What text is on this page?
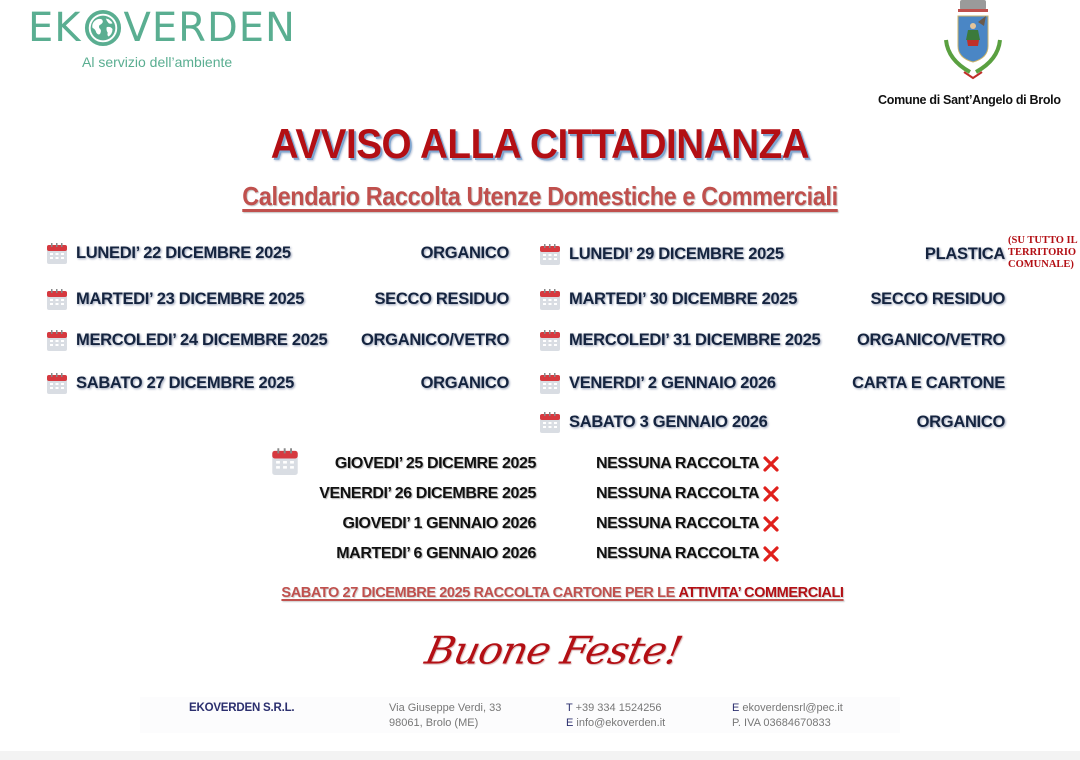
EK VERDEN
Al servizio dell’ambiente
Comune di Sant’Angelo di Brolo
AVVISO ALLA CITTADINANZA
Calendario Raccolta Utenze Domestiche e Commerciali
LUNEDI’ 22 DICEMBRE 2025	ORGANICO
MARTEDI’ 23 DICEMBRE 2025	SECCO RESIDUO
MERCOLEDI’ 24 DICEMBRE 2025 ORGANICO/VETRO
SABATO 27 DICEMBRE 2025	ORGANICO
LUNEDI’ 29 DICEMBRE 2025	PLASTICA
(SU TUTTO IL TERRITORIO COMUNALE)
MARTEDI’ 30 DICEMBRE 2025	SECCO RESIDUO
MERCOLEDI’ 31 DICEMBRE 2025 ORGANICO/VETRO
VENERDI’ 2 GENNAIO 2026	CARTA E CARTONE
SABATO 3 GENNAIO 2026	ORGANICO
GIOVEDI’ 25 DICEMRE 2025	NESSUNA RACCOLTA
VENERDI’ 26 DICEMBRE 2025	NESSUNA RACCOLTA
GIOVEDI’ 1 GENNAIO 2026	NESSUNA RACCOLTA
MARTEDI’ 6 GENNAIO 2026	NESSUNA RACCOLTA
SABATO 27 DICEMBRE 2025 RACCOLTA CARTONE PER LE ATTIVITA’ COMMERCIALI
Buone Feste!
EKOVERDEN S.R.L.	Via Giuseppe Verdi, 33
98061, Brolo (ME)
T +39 334 1524256
E info@ekoverden.it
E ekoverdensrl@pec.it
P. IVA 03684670833
